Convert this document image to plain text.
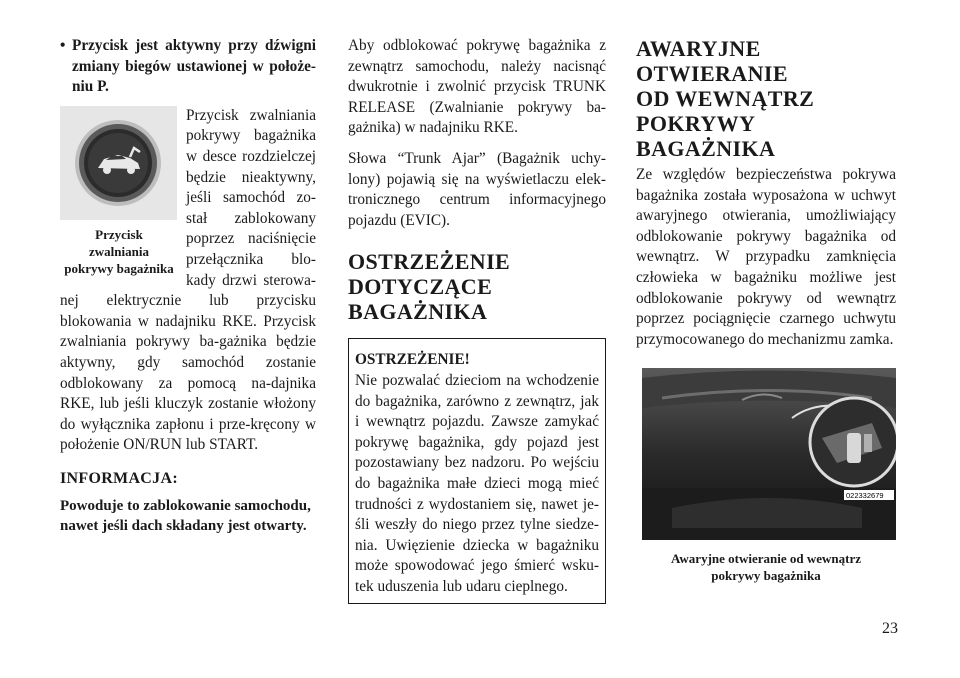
• Przycisk jest aktywny przy dźwigni zmiany biegów ustawionej w położe-niu P.

Przycisk

zwalniania

pokrywy bagażnika

Przycisk zwalniania pokrywy bagażnika w desce rozdzielczej będzie nieaktywny, jeśli samochód zo-stał zablokowany poprzez naciśnięcie przełącznika blo-kady drzwi sterowa-nej elektrycznie lub przycisku blokowania w nadajniku RKE. Przycisk zwalniania pokrywy ba-gażnika będzie aktywny, gdy samochód zostanie odblokowany za pomocą na-dajnika RKE, lub jeśli kluczyk zostanie włożony do wyłącznika zapłonu i prze-kręcony w położenie ON/RUN lub START.

INFORMACJA:

Powoduje to zablokowanie samochodu, nawet jeśli dach składany jest otwarty.

Aby odblokować pokrywę bagażnika z zewnątrz samochodu, należy nacisnąć dwukrotnie i zwolnić przycisk TRUNK RELEASE (Zwalnianie pokrywy ba-gażnika) w nadajniku RKE.

Słowa “Trunk Ajar” (Bagażnik uchy-lony) pojawią się na wyświetlaczu elek-tronicznego centrum informacyjnego pojazdu (EVIC).

OSTRZEŻENIE
DOTYCZĄCE
BAGAŻNIKA

OSTRZEŻENIE!

Nie pozwalać dzieciom na wchodzenie do bagażnika, zarówno z zewnątrz, jak i wewnątrz pojazdu. Zawsze zamykać pokrywę bagażnika, gdy pojazd jest pozostawiany bez nadzoru. Po wejściu do bagażnika małe dzieci mogą mieć trudności z wydostaniem się, nawet je-śli weszły do niego przez tylne siedze-nia. Uwięzienie dziecka w bagażniku może spowodować jego śmierć wsku-tek uduszenia lub udaru cieplnego.

AWARYJNE OTWIERANIE
OD WEWNĄTRZ
POKRYWY BAGAŻNIKA

Ze względów bezpieczeństwa pokrywa bagażnika została wyposażona w uchwyt awaryjnego otwierania, umożliwiający odblokowanie pokrywy bagażnika od wewnątrz. W przypadku zamknięcia człowieka w bagażniku możliwe jest odblokowanie pokrywy od wewnątrz poprzez pociągnięcie czarnego uchwytu przymocowanego do mechanizmu zamka.

022332679

Awaryjne otwieranie od wewnątrz
pokrywy bagażnika

23
